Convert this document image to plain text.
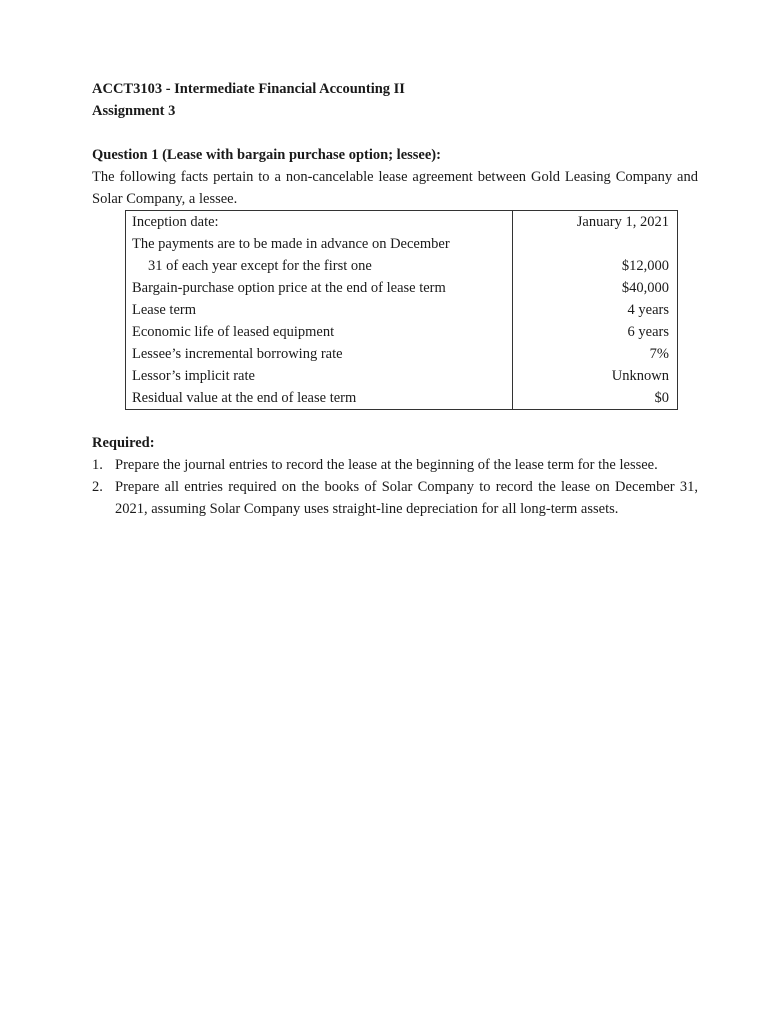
ACCT3103 - Intermediate Financial Accounting II

Assignment 3

Question 1 (Lease with bargain purchase option; lessee):

The following facts pertain to a non-cancelable lease agreement between Gold Leasing Company and Solar Company, a lessee.

Inception date:	January 1, 2021
The payments are to be made in advance on December	
31 of each year except for the first one	$12,000
Bargain-purchase option price at the end of lease term	$40,000
Lease term	4 years
Economic life of leased equipment	6 years
Lessee’s incremental borrowing rate	7%
Lessor’s implicit rate	Unknown
Residual value at the end of lease term	$0

Required:

1. Prepare the journal entries to record the lease at the beginning of the lease term for the lessee.
2. Prepare all entries required on the books of Solar Company to record the lease on December 31, 2021, assuming Solar Company uses straight-line depreciation for all long-term assets.
